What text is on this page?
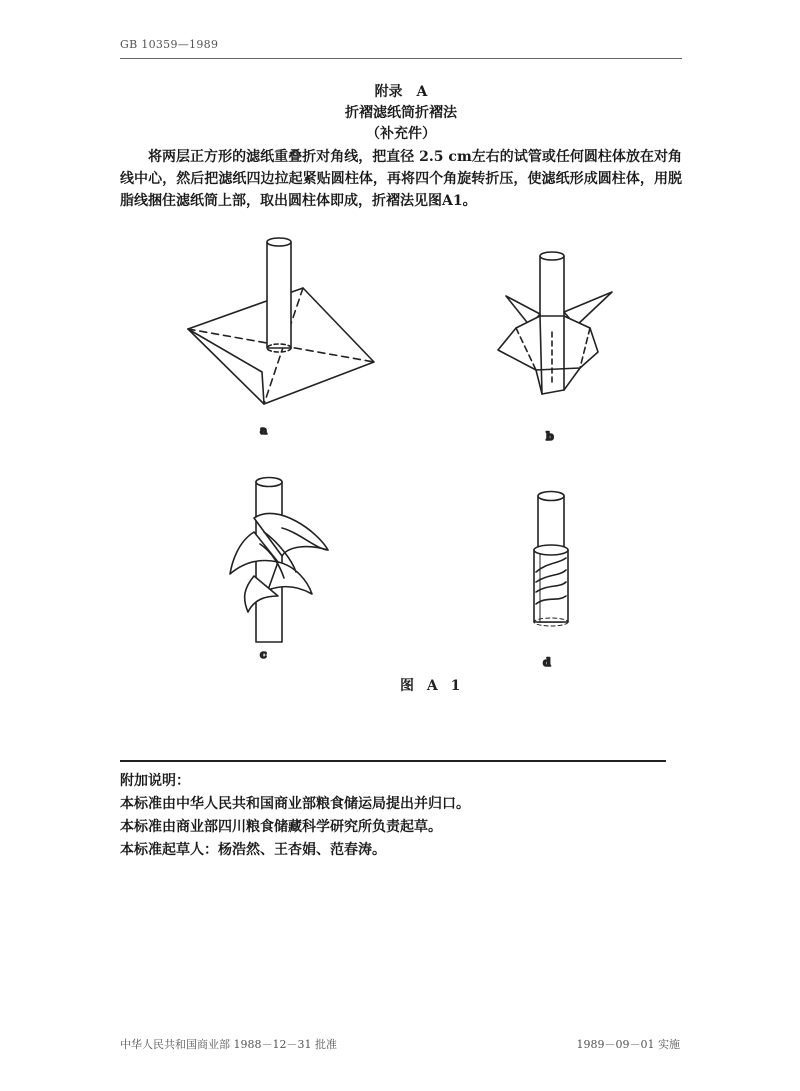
GB 10359—1989
附录　A
折褶滤纸筒折褶法
（补充件）
将两层正方形的滤纸重叠折对角线，把直径 2.5 cm左右的试管或任何圆柱体放在对角线中心，然后把滤纸四边拉起紧贴圆柱体，再将四个角旋转折压，使滤纸形成圆柱体，用脱脂线捆住滤纸筒上部，取出圆柱体即成，折褶法见图A1。
a	b
c
d
图 A 1
附加说明：
本标准由中华人民共和国商业部粮食储运局提出并归口。
本标准由商业部四川粮食储藏科学研究所负责起草。
本标准起草人：杨浩然、王杏娟、范春涛。
中华人民共和国商业部 1988－12－31 批准	1989－09－01 实施
